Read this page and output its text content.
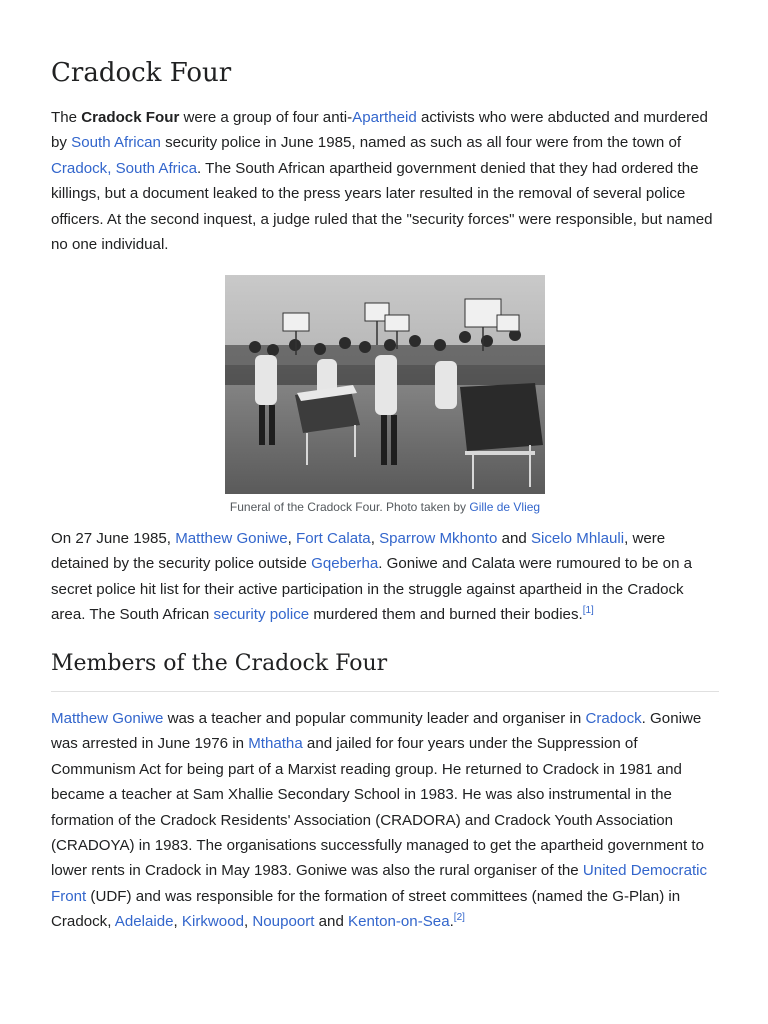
Cradock Four

The Cradock Four were a group of four anti-Apartheid activists who were abducted and murdered by South African security police in June 1985, named as such as all four were from the town of Cradock, South Africa. The South African apartheid government denied that they had ordered the killings, but a document leaked to the press years later resulted in the removal of several police officers. At the second inquest, a judge ruled that the "security forces" were responsible, but named no one individual.

Funeral of the Cradock Four. Photo taken by Gille de Vlieg

On 27 June 1985, Matthew Goniwe, Fort Calata, Sparrow Mkhonto and Sicelo Mhlauli, were detained by the security police outside Gqeberha. Goniwe and Calata were rumoured to be on a secret police hit list for their active participation in the struggle against apartheid in the Cradock area. The South African security police murdered them and burned their bodies.[1]

Members of the Cradock Four

Matthew Goniwe was a teacher and popular community leader and organiser in Cradock. Goniwe was arrested in June 1976 in Mthatha and jailed for four years under the Suppression of Communism Act for being part of a Marxist reading group. He returned to Cradock in 1981 and became a teacher at Sam Xhallie Secondary School in 1983. He was also instrumental in the formation of the Cradock Residents' Association (CRADORA) and Cradock Youth Association (CRADOYA) in 1983. The organisations successfully managed to get the apartheid government to lower rents in Cradock in May 1983. Goniwe was also the rural organiser of the United Democratic Front (UDF) and was responsible for the formation of street committees (named the G-Plan) in Cradock, Adelaide, Kirkwood, Noupoort and Kenton-on-Sea.[2]
